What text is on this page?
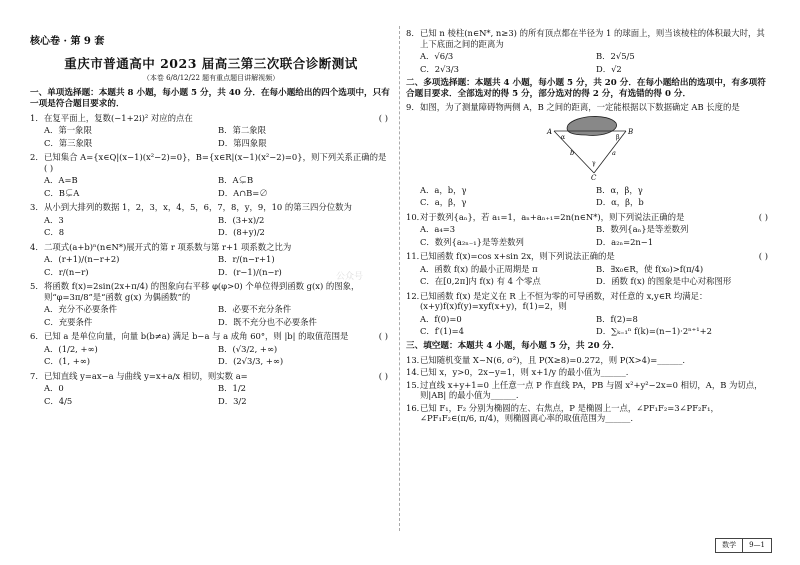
公众号
核心卷 · 第 9 套
重庆市普通高中 2023 届高三第三次联合诊断测试
（本卷 6/8/12/22 题有重点题目讲解视频）
一、单项选择题：本题共 8 小题，每小题 5 分，共 40 分．在每小题给出的四个选项中，只有一项是符合题目要求的．
1． 在复平面上，复数(−1+2i)² 对应的点在	( )
A．第一象限	B．第二象限
C．第三象限	D．第四象限
2． 已知集合 A={x∈Q|(x−1)(x²−2)=0}，B={x∈R|(x−1)(x²−2)=0}，则下列关系正确的是 ( )
A．A=B	B．A⊊B
C．B⊊A	D．A∩B=∅
3． 从小到大排列的数据 1，2，3，x，4，5，6，7，8，y，9，10 的第三四分位数为
A．3	B．(3+x)/2
C．8	D．(8+y)/2
4． 二项式(a+b)ⁿ(n∈N*)展开式的第 r 项系数与第 r+1 项系数之比为
A．(r+1)/(n−r+2)	B．r/(n−r+1)
C．r/(n−r)	D．(r−1)/(n−r)
5． 将函数 f(x)=2sin(2x+π/4) 的图象向右平移 φ(φ>0) 个单位得到函数 g(x) 的图象，则“φ=3π/8”是“函数 g(x) 为偶函数”的
A．充分不必要条件	B．必要不充分条件
C．充要条件	D．既不充分也不必要条件
6． 已知 a 是单位向量，向量 b(b≠a) 满足 b−a 与 a 成角 60°，则 |b| 的取值范围是	( )
A．(1/2, +∞)	B．(√3/2, +∞)
C．(1, +∞)	D．(2√3/3, +∞)
7． 已知直线 y=ax−a 与曲线 y=x+a/x 相切，则实数 a=	( )
A．0	B．1/2
C．4/5	D．3/2
8． 已知 n 棱柱(n∈N*, n≥3) 的所有顶点都在半径为 1 的球面上，则当该棱柱的体积最大时，其上下底面之间的距离为
A．√6/3	B．2√5/5
C．2√3/3	D．√2
二、多项选择题：本题共 4 小题，每小题 5 分，共 20 分．在每小题给出的选项中，有多项符合题目要求．全部选对的得 5 分，部分选对的得 2 分，有选错的得 0 分．
9． 如图，为了测量障碍物两侧 A，B 之间的距离，一定能根据以下数据确定 AB 长度的是
A	B
C
b	a
α	β
γ
A．a，b，γ	B．α，β，γ
C．a，β，γ	D．α，β，b
10．
对于数列{aₙ}，若 a₁=1，aₙ+aₙ₊₁=2n(n∈N*)，则下列说法正确的是	( )
A．a₄=3	B．数列{aₙ}是等差数列
C．数列{a₂ₙ₋₁}是等差数列	D．a₂ₙ=2n−1
11．
已知函数 f(x)=cos x+sin 2x，则下列说法正确的是	( )
A．函数 f(x) 的最小正周期是 π	B．∃x₀∈R，使 f(x₀)>f(π/4)
C．在[0,2π]内 f(x) 有 4 个零点	D．函数 f(x) 的图象是中心对称图形
12．
已知函数 f(x) 是定义在 R 上不恒为零的可导函数，对任意的 x,y∈R 均满足：(x+y)f(x)f(y)=xyf(x+y)，f(1)=2，则
A．f(0)=0	B．f(2)=8
C．f′(1)=4	D．∑ₖ₌₁ⁿ f(k)=(n−1)·2ⁿ⁺¹+2
三、填空题：本题共 4 小题，每小题 5 分，共 20 分．
13．
已知随机变量 X~N(6, σ²)，且 P(X≥8)=0.272，则 P(X>4)=______.
14．
已知 x，y>0，2x−y=1，则 x+1/y 的最小值为______.
15．
过直线 x+y+1=0 上任意一点 P 作直线 PA，PB 与圆 x²+y²−2x=0 相切，A，B 为切点，则|AB| 的最小值为______.
16．
已知 F₁，F₂ 分别为椭圆的左、右焦点，P 是椭圆上一点，∠PF₁F₂=3∠PF₂F₁，∠PF₁F₂∈(π/6, π/4)，则椭圆离心率的取值范围为______.
数学	9—1
